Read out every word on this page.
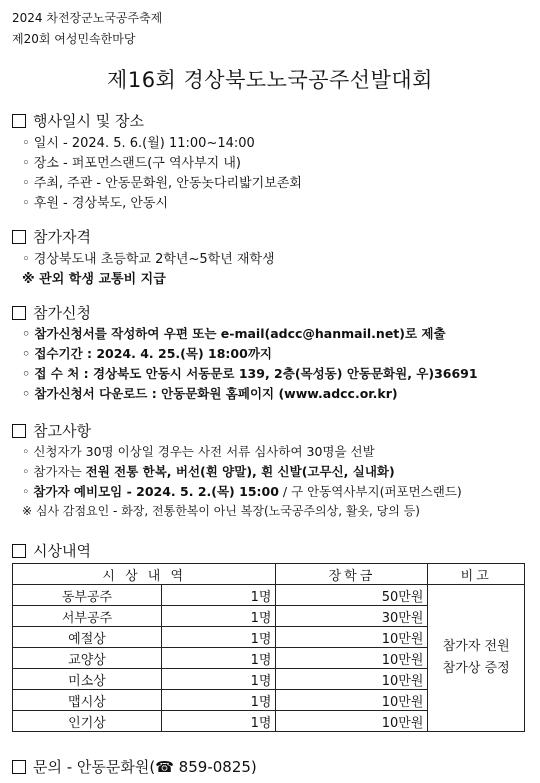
2024 차전장군노국공주축제
제20회 여성민속한마당
제16회 경상북도노국공주선발대회
행사일시 및 장소
◦ 일시 - 2024. 5. 6.(월) 11:00~14:00
◦ 장소 - 퍼포먼스랜드(구 역사부지 내)
◦ 주최, 주관 - 안동문화원, 안동놋다리밟기보존회
◦ 후원 - 경상북도, 안동시
참가자격
◦ 경상북도내 초등학교 2학년~5학년 재학생
※ 관외 학생 교통비 지급
참가신청
◦ 참가신청서를 작성하여 우편 또는 e-mail(adcc@hanmail.net)로 제출
◦ 접수기간 : 2024. 4. 25.(목) 18:00까지
◦ 접 수 처 : 경상북도 안동시 서동문로 139, 2층(목성동) 안동문화원, 우)36691
◦ 참가신청서 다운로드 : 안동문화원 홈페이지 (www.adcc.or.kr)
참고사항
◦ 신청자가 30명 이상일 경우는 사전 서류 심사하여 30명을 선발
◦ 참가자는 전원 전통 한복, 버선(흰 양말), 흰 신발(고무신, 실내화)
◦ 참가자 예비모임 - 2024. 5. 2.(목) 15:00 / 구 안동역사부지(퍼포먼스랜드)
※ 심사 감점요인 - 화장, 전통한복이 아닌 복장(노국공주의상, 활옷, 당의 등)
시상내역
시 상 내 역		장학금	비고
동부공주	1명	50만원	참가자 전원
참가상 증정

서부공주	1명	30만원	
예절상	1명	10만원	
교양상	1명	10만원	
미소상	1명	10만원	
맵시상	1명	10만원	
인기상	1명	10만원	
문의 - 안동문화원(☎ 859-0825)
